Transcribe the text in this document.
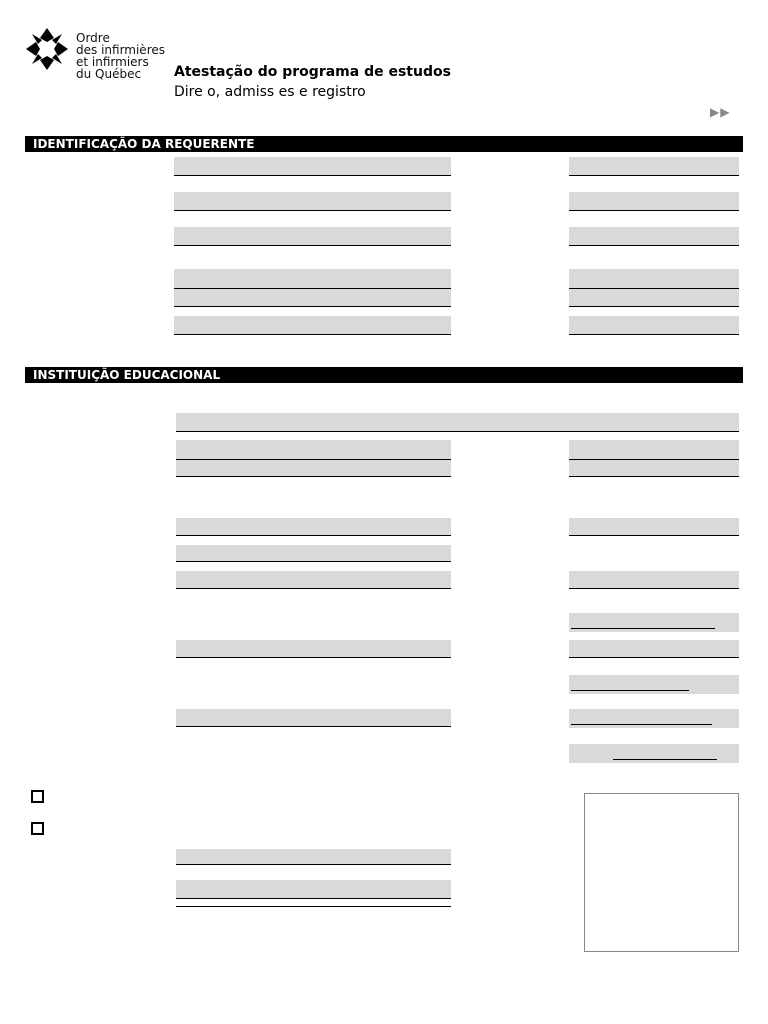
Ordre
des infirmières
et infirmiers
du Québec	Atestação do programa de estudos
Dire o, admiss es e registro
▶▶
IDENTIFICAÇÃO DA REQUERENTE
INSTITUIÇÃO EDUCACIONAL
